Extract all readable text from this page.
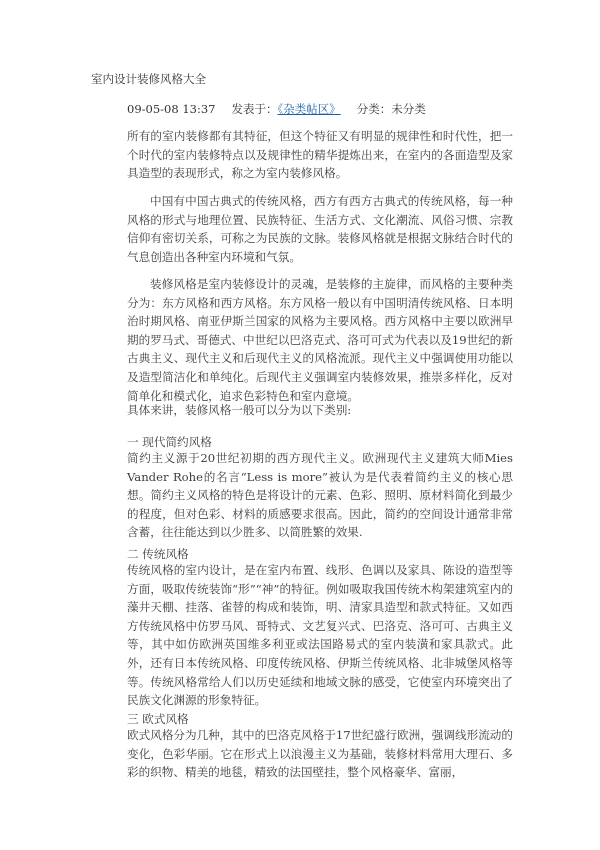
室内设计装修风格大全
09-05-08 13:37 发表于：《杂类帖区》 分类：未分类
所有的室内装修都有其特征，但这个特征又有明显的规律性和时代性，把一个时代的室内装修特点以及规律性的精华提炼出来，在室内的各面造型及家具造型的表现形式，称之为室内装修风格。
中国有中国古典式的传统风格，西方有西方古典式的传统风格，每一种风格的形式与地理位置、民族特征、生活方式、文化潮流、风俗习惯、宗教信仰有密切关系，可称之为民族的文脉。装修风格就是根据文脉结合时代的气息创造出各种室内环境和气氛。
装修风格是室内装修设计的灵魂，是装修的主旋律，而风格的主要种类分为：东方风格和西方风格。东方风格一般以有中国明清传统风格、日本明治时期风格、南亚伊斯兰国家的风格为主要风格。西方风格中主要以欧洲早期的罗马式、哥德式、中世纪以巴洛克式、洛可可式为代表以及19世纪的新古典主义、现代主义和后现代主义的风格流派。现代主义中强调使用功能以及造型简洁化和单纯化。后现代主义强调室内装修效果，推崇多样化，反对简单化和模式化，追求色彩特色和室内意境。
具体来讲，装修风格一般可以分为以下类别:
一 现代简约风格
简约主义源于20世纪初期的西方现代主义。欧洲现代主义建筑大师Mies Vander Rohe的名言“Less is more”被认为是代表着简约主义的核心思想。简约主义风格的特色是将设计的元素、色彩、照明、原材料简化到最少的程度，但对色彩、材料的质感要求很高。因此，简约的空间设计通常非常含蓄，往往能达到以少胜多、以简胜繁的效果.
二 传统风格
传统风格的室内设计，是在室内布置、线形、色调以及家具、陈设的造型等方面，吸取传统装饰“形”“神”的特征。例如吸取我国传统木构架建筑室内的藻井天棚、挂落、雀替的构成和装饰，明、清家具造型和款式特征。又如西方传统风格中仿罗马风、哥特式、文艺复兴式、巴洛克、洛可可、古典主义等，其中如仿欧洲英国维多利亚或法国路易式的室内装潢和家具款式。此外，还有日本传统风格、印度传统风格、伊斯兰传统风格、北非城堡风格等等。传统风格常给人们以历史延续和地域文脉的感受，它使室内环境突出了民族文化渊源的形象特征。
三 欧式风格
欧式风格分为几种，其中的巴洛克风格于17世纪盛行欧洲，强调线形流动的变化，色彩华丽。它在形式上以浪漫主义为基础，装修材料常用大理石、多彩的织物、精美的地毯，精致的法国壁挂，整个风格豪华、富丽，
